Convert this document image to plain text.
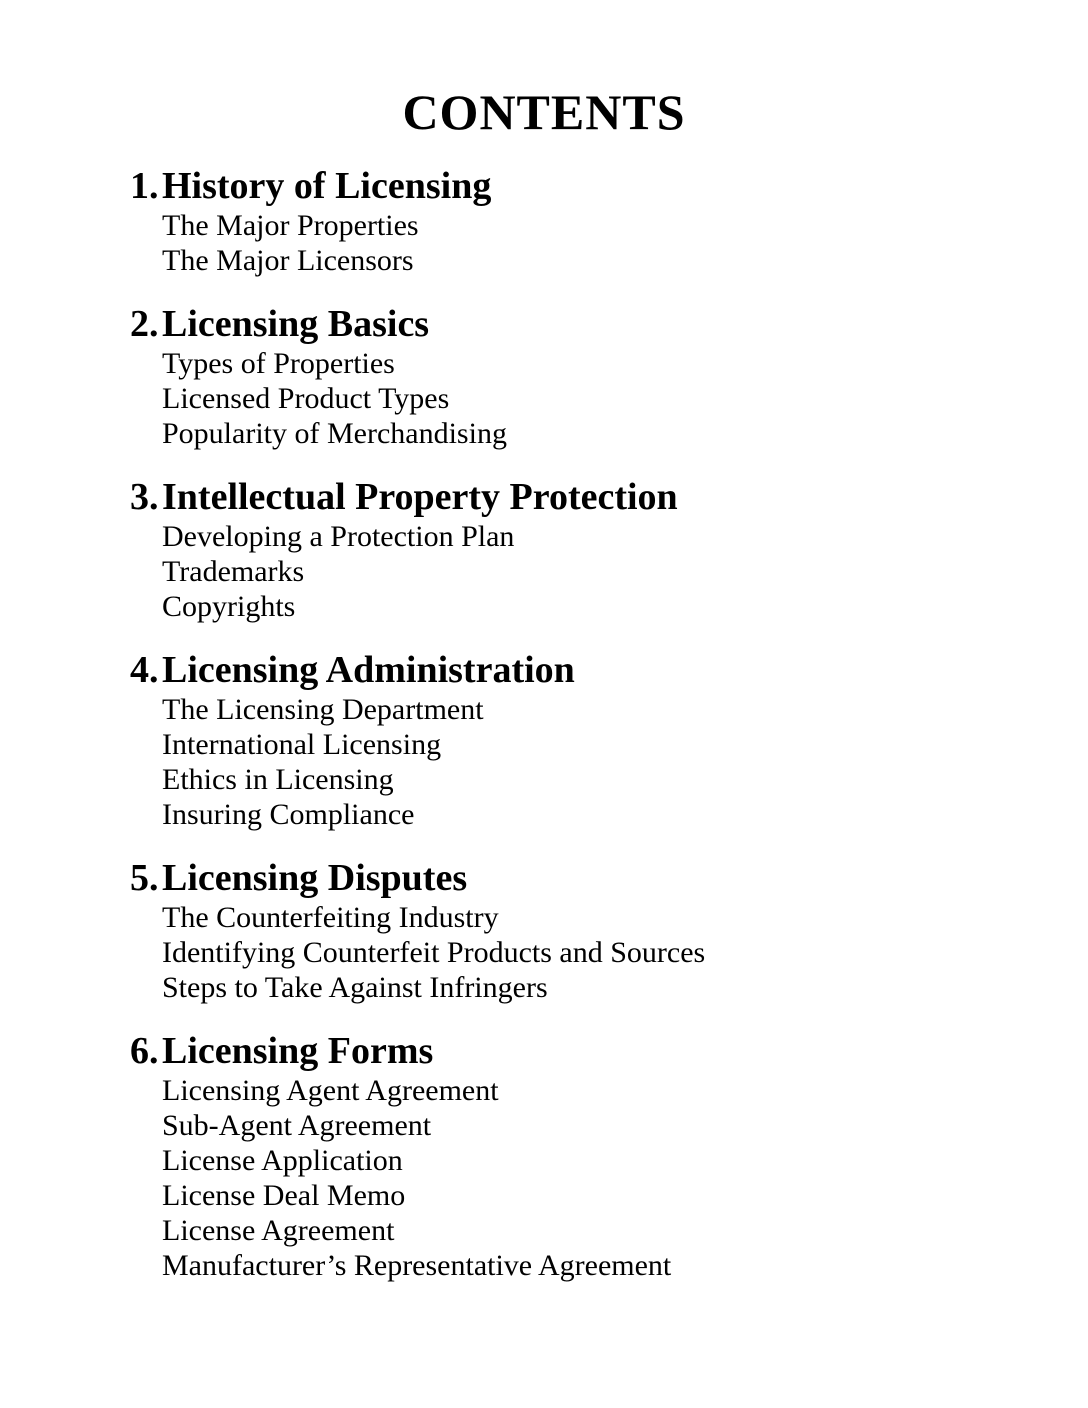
CONTENTS
1. History of Licensing
The Major Properties
The Major Licensors
2. Licensing Basics
Types of Properties
Licensed Product Types
Popularity of Merchandising
3. Intellectual Property Protection
Developing a Protection Plan
Trademarks
Copyrights
4. Licensing Administration
The Licensing Department
International Licensing
Ethics in Licensing
Insuring Compliance
5. Licensing Disputes
The Counterfeiting Industry
Identifying Counterfeit Products and Sources
Steps to Take Against Infringers
6. Licensing Forms
Licensing Agent Agreement
Sub-Agent Agreement
License Application
License Deal Memo
License Agreement
Manufacturer’s Representative Agreement
